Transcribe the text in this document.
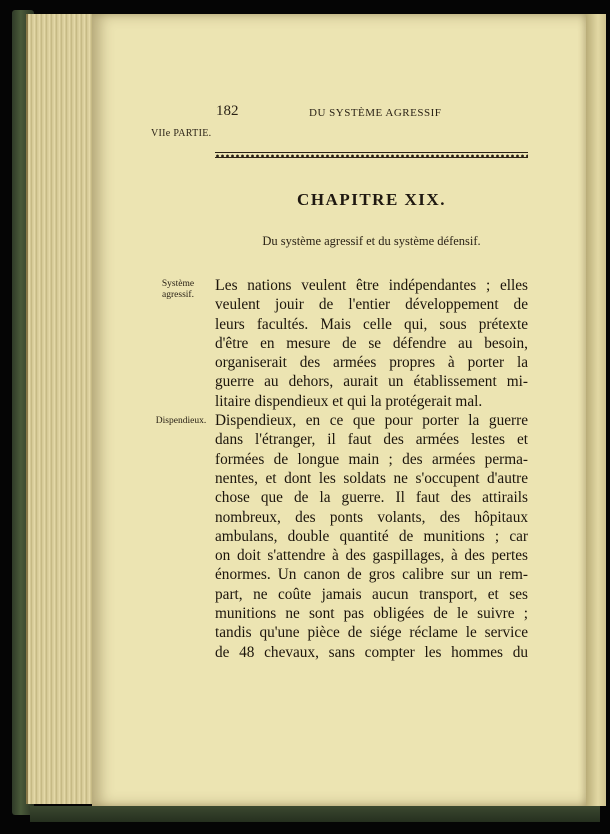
182	DU SYSTÈME AGRESSIF
VIIe PARTIE.
CHAPITRE XIX.
Du système agressif et du système défensif.
Système agressif.
Dispendieux.
Les nations veulent être indépendantes ; elles
veulent jouir de l'entier développement de
leurs facultés. Mais celle qui, sous prétexte
d'être en mesure de se défendre au besoin,
organiserait des armées propres à porter la
guerre au dehors, aurait un établissement mi-
litaire dispendieux et qui la protégerait mal.
Dispendieux, en ce que pour porter la guerre
dans l'étranger, il faut des armées lestes et
formées de longue main ; des armées perma-
nentes, et dont les soldats ne s'occupent d'autre
chose que de la guerre. Il faut des attirails
nombreux, des ponts volants, des hôpitaux
ambulans, double quantité de munitions ; car
on doit s'attendre à des gaspillages, à des pertes
énormes. Un canon de gros calibre sur un rem-
part, ne coûte jamais aucun transport, et ses
munitions ne sont pas obligées de le suivre ;
tandis qu'une pièce de siége réclame le service
de 48 chevaux, sans compter les hommes du
